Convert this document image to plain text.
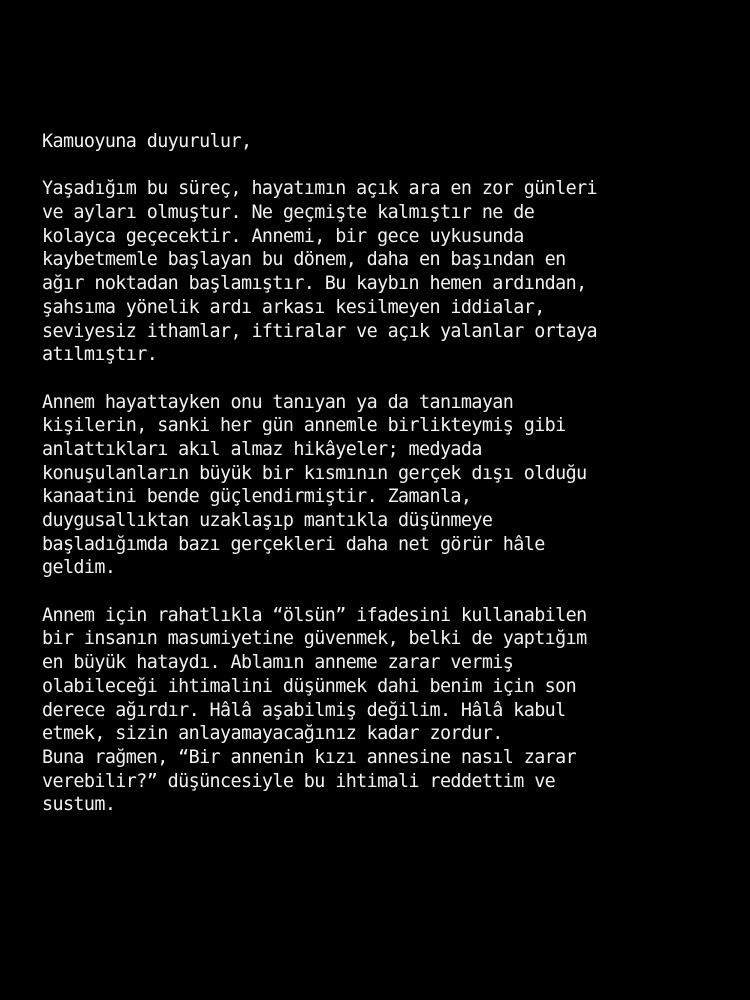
Kamuoyuna duyurulur,
Yaşadığım bu süreç, hayatımın açık ara en zor günleri
ve ayları olmuştur. Ne geçmişte kalmıştır ne de
kolayca geçecektir. Annemi, bir gece uykusunda
kaybetmemle başlayan bu dönem, daha en başından en
ağır noktadan başlamıştır. Bu kaybın hemen ardından,
şahsıma yönelik ardı arkası kesilmeyen iddialar,
seviyesiz ithamlar, iftiralar ve açık yalanlar ortaya
atılmıştır.
Annem hayattayken onu tanıyan ya da tanımayan
kişilerin, sanki her gün annemle birlikteymiş gibi
anlattıkları akıl almaz hikâyeler; medyada
konuşulanların büyük bir kısmının gerçek dışı olduğu
kanaatini bende güçlendirmiştir. Zamanla,
duygusallıktan uzaklaşıp mantıkla düşünmeye
başladığımda bazı gerçekleri daha net görür hâle
geldim.
Annem için rahatlıkla “ölsün” ifadesini kullanabilen
bir insanın masumiyetine güvenmek, belki de yaptığım
en büyük hataydı. Ablamın anneme zarar vermiş
olabileceği ihtimalini düşünmek dahi benim için son
derece ağırdır. Hâlâ aşabilmiş değilim. Hâlâ kabul
etmek, sizin anlayamayacağınız kadar zordur.
Buna rağmen, “Bir annenin kızı annesine nasıl zarar
verebilir?” düşüncesiyle bu ihtimali reddettim ve
sustum.
